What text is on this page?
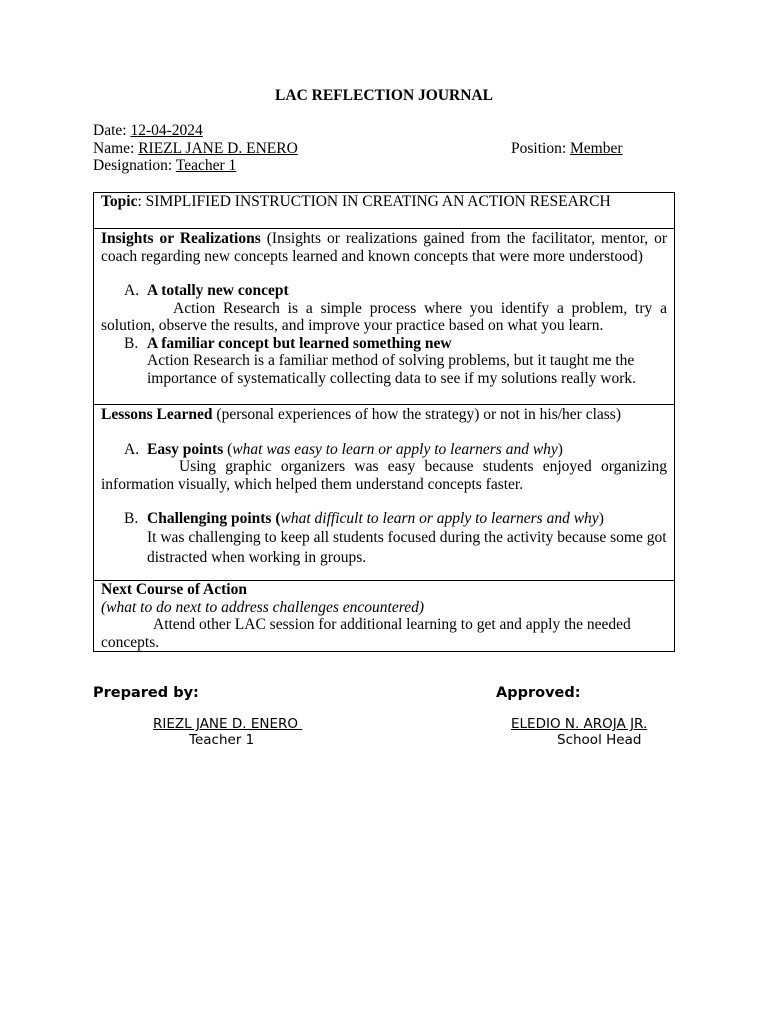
LAC REFLECTION JOURNAL
Date: 12-04-2024
Name: RIEZL JANE D. ENERO	Position: Member
Designation: Teacher 1
Topic: SIMPLIFIED INSTRUCTION IN CREATING AN ACTION RESEARCH

Insights or Realizations (Insights or realizations gained from the facilitator, mentor, or coach regarding new concepts learned and known concepts that were more understood)
A. A totally new concept
Action Research is a simple process where you identify a problem, try a solution, observe the results, and improve your practice based on what you learn.
B. A familiar concept but learned something new
Action Research is a familiar method of solving problems, but it taught me the importance of systematically collecting data to see if my solutions really work.

Lessons Learned (personal experiences of how the strategy) or not in his/her class)
A. Easy points (what was easy to learn or apply to learners and why)
Using graphic organizers was easy because students enjoyed organizing information visually, which helped them understand concepts faster.
B. Challenging points (what difficult to learn or apply to learners and why)
It was challenging to keep all students focused during the activity because some got distracted when working in groups.

Next Course of Action
(what to do next to address challenges encountered)
Attend other LAC session for additional learning to get and apply the needed concepts.
Prepared by:
RIEZL JANE D. ENERO
Teacher 1
Approved:
ELEDIO N. AROJA JR.
School Head
